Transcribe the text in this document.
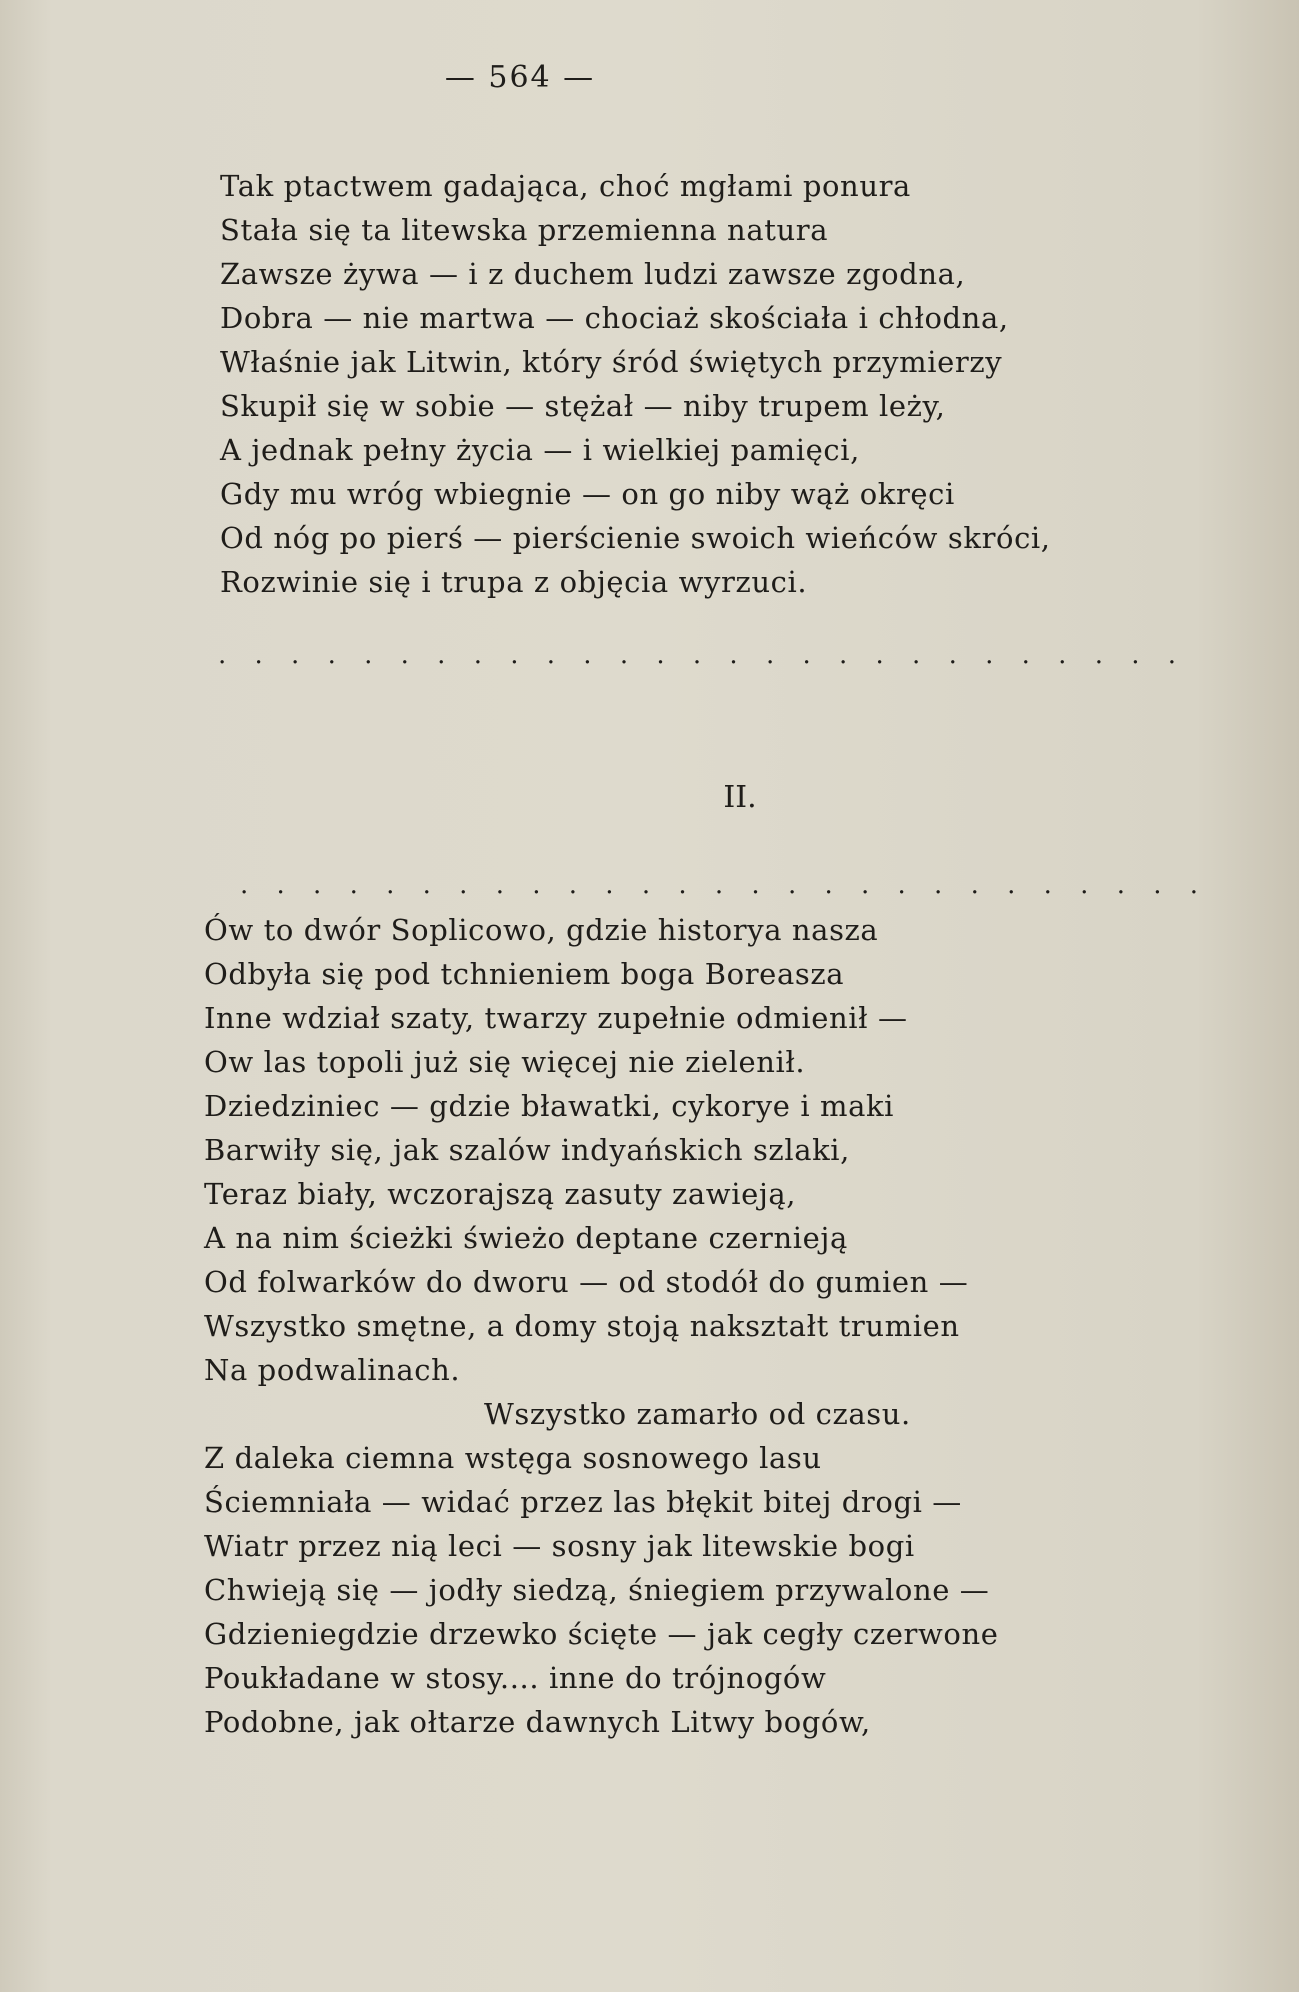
— 564 —
Tak ptactwem gadająca, choć mgłami ponura
Stała się ta litewska przemienna natura
Zawsze żywa — i z duchem ludzi zawsze zgodna,
Dobra — nie martwa — chociaż skościała i chłodna,
Właśnie jak Litwin, który śród świętych przymierzy
Skupił się w sobie — stężał — niby trupem leży,
A jednak pełny życia — i wielkiej pamięci,
Gdy mu wróg wbiegnie — on go niby wąż okręci
Od nóg po pierś — pierścienie swoich wieńców skróci,
Rozwinie się i trupa z objęcia wyrzuci.
. . . . . . . . . . . . . . . . . . . . . . . . . . .
II.
. . . . . . . . . . . . . . . . . . . . . . . . . . .
Ów to dwór Soplicowo, gdzie historya nasza
Odbyła się pod tchnieniem boga Boreasza
Inne wdział szaty, twarzy zupełnie odmienił —
Ow las topoli już się więcej nie zielenił.
Dziedziniec — gdzie bławatki, cykorye i maki
Barwiły się, jak szalów indyańskich szlaki,
Teraz biały, wczorajszą zasuty zawieją,
A na nim ścieżki świeżo deptane czernieją
Od folwarków do dworu — od stodół do gumien —
Wszystko smętne, a domy stoją nakształt trumien
Na podwalinach.
Wszystko zamarło od czasu.
Z daleka ciemna wstęga sosnowego lasu
Ściemniała — widać przez las błękit bitej drogi —
Wiatr przez nią leci — sosny jak litewskie bogi
Chwieją się — jodły siedzą, śniegiem przywalone —
Gdzieniegdzie drzewko ścięte — jak cegły czerwone
Poukładane w stosy.... inne do trójnogów
Podobne, jak ołtarze dawnych Litwy bogów,
